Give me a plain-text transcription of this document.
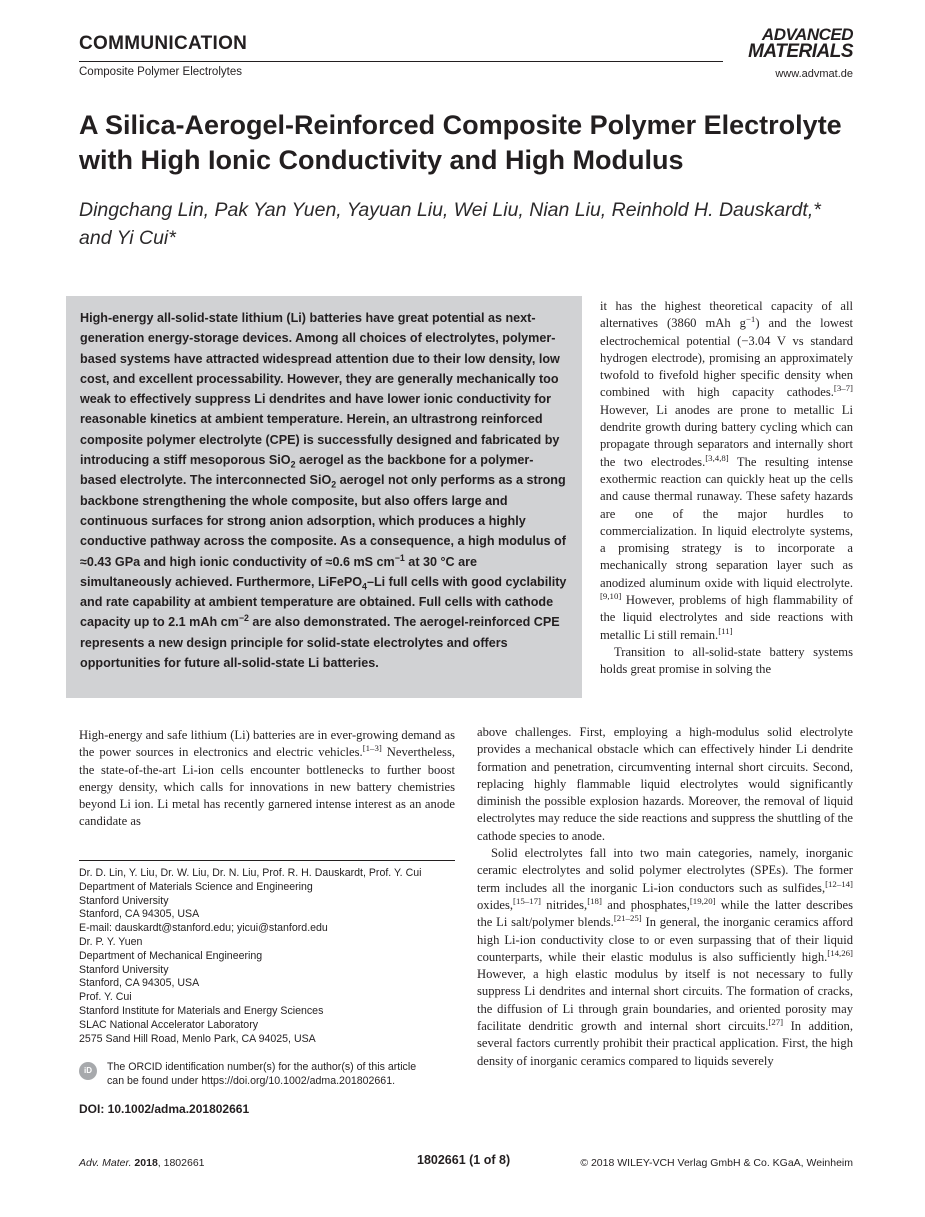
COMMUNICATION
Composite Polymer Electrolytes
ADVANCED
MATERIALS
www.advmat.de
A Silica-Aerogel-Reinforced Composite Polymer Electrolyte
with High Ionic Conductivity and High Modulus
Dingchang Lin, Pak Yan Yuen, Yayuan Liu, Wei Liu, Nian Liu, Reinhold H. Dauskardt,*
and Yi Cui*
High-energy all-solid-state lithium (Li) batteries have great potential as next-generation energy-storage devices. Among all choices of electrolytes, polymer-based systems have attracted widespread attention due to their low density, low cost, and excellent processability. However, they are generally mechanically too weak to effectively suppress Li dendrites and have lower ionic conductivity for reasonable kinetics at ambient temperature. Herein, an ultrastrong reinforced composite polymer electrolyte (CPE) is successfully designed and fabricated by introducing a stiff mesoporous SiO$_2$ aerogel as the backbone for a polymer-based electrolyte. The interconnected SiO$_2$ aerogel not only performs as a strong backbone strengthening the whole composite, but also offers large and continuous surfaces for strong anion adsorption, which produces a highly conductive pathway across the composite. As a consequence, a high modulus of ≈0.43 GPa and high ionic conductivity of ≈0.6 mS $cm^{-1}$ at 30 °C are simultaneously achieved. Furthermore, LiFePO$_4$–Li full cells with good cyclability and rate capability at ambient temperature are obtained. Full cells with cathode capacity up to 2.1 mAh $cm^{-2}$ are also demonstrated. The aerogel-reinforced CPE represents a new design principle for solid-state electrolytes and offers opportunities for future all-solid-state Li batteries.

it has the highest theoretical capacity of all alternatives (3860 mAh $g^{-1}$) and the lowest electrochemical potential (−3.04 V vs standard hydrogen electrode), promising an approximately twofold to fivefold higher specific density when combined with high capacity cathodes.[3–7] However, Li anodes are prone to metallic Li dendrite growth during battery cycling which can propagate through separators and internally short the two electrodes.[3,4,8] The resulting intense exothermic reaction can quickly heat up the cells and cause thermal runaway. These safety hazards are one of the major hurdles to commercialization. In liquid electrolyte systems, a promising strategy is to incorporate a mechanically strong separation layer such as anodized aluminum oxide with liquid electrolyte.[9,10] However, problems of high flammability of the liquid electrolytes and side reactions with metallic Li still remain.[11]

Transition to all-solid-state battery systems holds great promise in solving the

High-energy and safe lithium (Li) batteries are in ever-growing demand as the power sources in electronics and electric vehicles.[1–3] Nevertheless, the state-of-the-art Li-ion cells encounter bottlenecks to further boost energy density, which calls for innovations in new battery chemistries beyond Li ion. Li metal has recently garnered intense interest as an anode candidate as

above challenges. First, employing a high-modulus solid electrolyte provides a mechanical obstacle which can effectively hinder Li dendrite formation and penetration, circumventing internal short circuits. Second, replacing highly flammable liquid electrolytes would significantly diminish the possible explosion hazards. Moreover, the removal of liquid electrolytes may reduce the side reactions and suppress the shuttling of the cathode species to anode.

Solid electrolytes fall into two main categories, namely, inorganic ceramic electrolytes and solid polymer electrolytes (SPEs). The former term includes all the inorganic Li-ion conductors such as sulfides,[12–14] oxides,[15–17] nitrides,[18] and phosphates,[19,20] while the latter describes the Li salt/polymer blends.[21–25] In general, the inorganic ceramics afford high Li-ion conductivity close to or even surpassing that of their liquid counterparts, while their elastic modulus is also sufficiently high.[14,26] However, a high elastic modulus by itself is not necessary to fully suppress Li dendrites and internal short circuits. The formation of cracks, the diffusion of Li through grain boundaries, and oriented porosity may facilitate dendritic growth and internal short circuits.[27] In addition, several factors currently prohibit their practical application. First, the high density of inorganic ceramics compared to liquids severely

Dr. D. Lin, Y. Liu, Dr. W. Liu, Dr. N. Liu, Prof. R. H. Dauskardt, Prof. Y. Cui
Department of Materials Science and Engineering
Stanford University
Stanford, CA 94305, USA
E-mail: dauskardt@stanford.edu; yicui@stanford.edu
Dr. P. Y. Yuen
Department of Mechanical Engineering
Stanford University
Stanford, CA 94305, USA
Prof. Y. Cui
Stanford Institute for Materials and Energy Sciences
SLAC National Accelerator Laboratory
2575 Sand Hill Road, Menlo Park, CA 94025, USA
iD	The ORCID identification number(s) for the author(s) of this article
can be found under https://doi.org/10.1002/adma.201802661.
DOI: 10.1002/adma.201802661
Adv. Mater. 2018, 1802661	1802661 (1 of 8)	© 2018 WILEY-VCH Verlag GmbH & Co. KGaA, Weinheim
